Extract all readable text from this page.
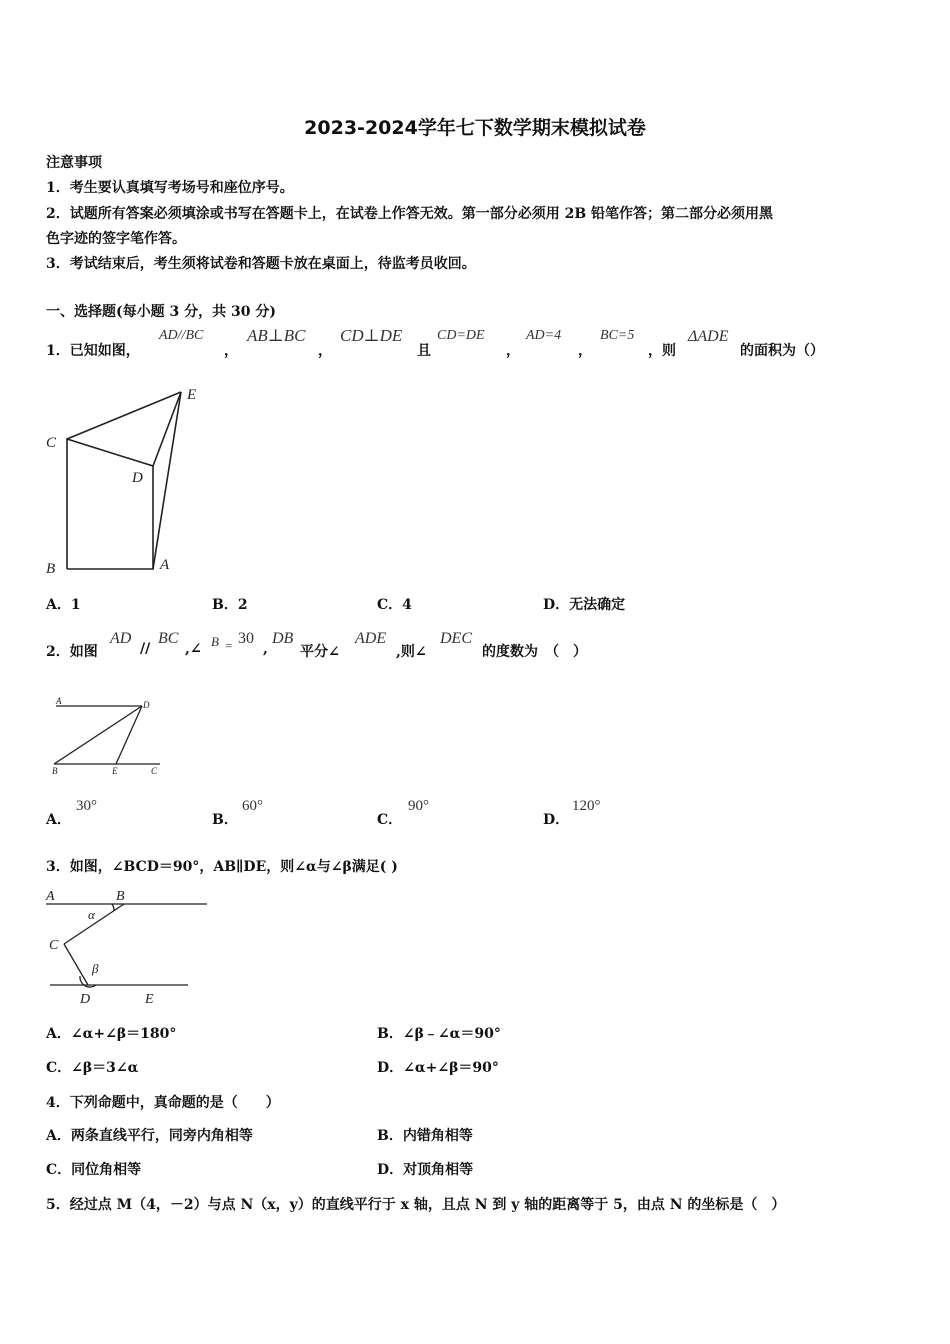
2023-2024学年七下数学期末模拟试卷
注意事项
1．考生要认真填写考场号和座位序号。
2．试题所有答案必须填涂或书写在答题卡上，在试卷上作答无效。第一部分必须用 2B 铅笔作答；第二部分必须用黑
色字迹的签字笔作答。
3．考试结束后，考生须将试卷和答题卡放在桌面上，待监考员收回。
一、选择题(每小题 3 分，共 30 分)
1．已知如图，
AD//BC
，
AB⊥BC
，
CD⊥DE
且
CD=DE
，
AD=4
，
BC=5
，则
ΔADE
的面积为（）
C
E
D
B	A
A．1	B．2	C．4	D．无法确定
2．如图
AD
//
BC
,∠ B = 30
,
DB
平分∠
ADE
,则∠
DEC
的度数为　（　）
A	D
B	E	C
A．
30°
B．
60°
C．
90°
D．
120°
3．如图，∠BCD＝90°，AB∥DE，则∠α与∠β满足( )
A	B
C
D	E
α
β
A．∠α+∠β＝180°	B．∠β﹣∠α＝90°
C．∠β＝3∠α	D．∠α+∠β＝90°
4．下列命题中，真命题的是（　　）
A．两条直线平行，同旁内角相等	B．内错角相等
C．同位角相等	D．对顶角相等
5．经过点 M（4，－2）与点 N（x，y）的直线平行于 x 轴，且点 N 到 y 轴的距离等于 5，由点 N 的坐标是（　）
